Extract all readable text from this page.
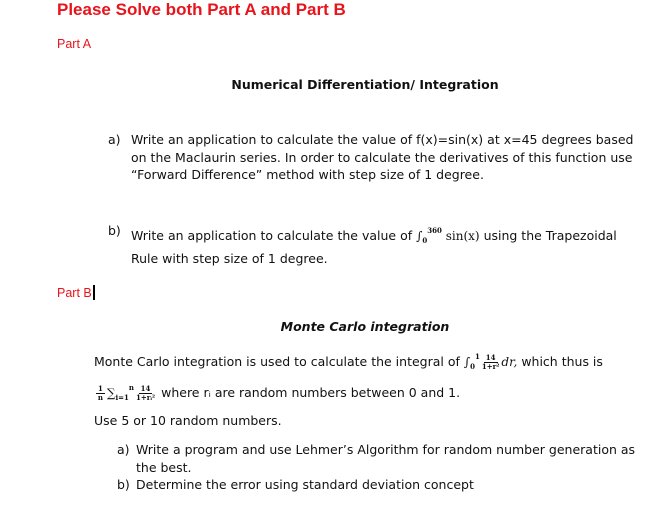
Please Solve both Part A and Part B
Part A
Numerical Differentiation/ Integration
a) Write an application to calculate the value of f(x)=sin(x) at x=45 degrees based
on the Maclaurin series. In order to calculate the derivatives of this function use
“Forward Difference” method with step size of 1 degree.
b) Write an application to calculate the value of $\int_0^{360}$ sin(x) using the Trapezoidal
Rule with step size of 1 degree.
Part B
Monte Carlo integration
Monte Carlo integration is used to calculate the integral of $\int_0^1 \frac{14}{\text{1+r²}}$ dr, which thus is
$\frac{1}{n} \sum_{i=1}^n \frac{14}{\text{1+rᵢ²}}$ where rᵢ are random numbers between 0 and 1.
Use 5 or 10 random numbers.
a) Write a program and use Lehmer’s Algorithm for random number generation as
the best.
b) Determine the error using standard deviation concept
